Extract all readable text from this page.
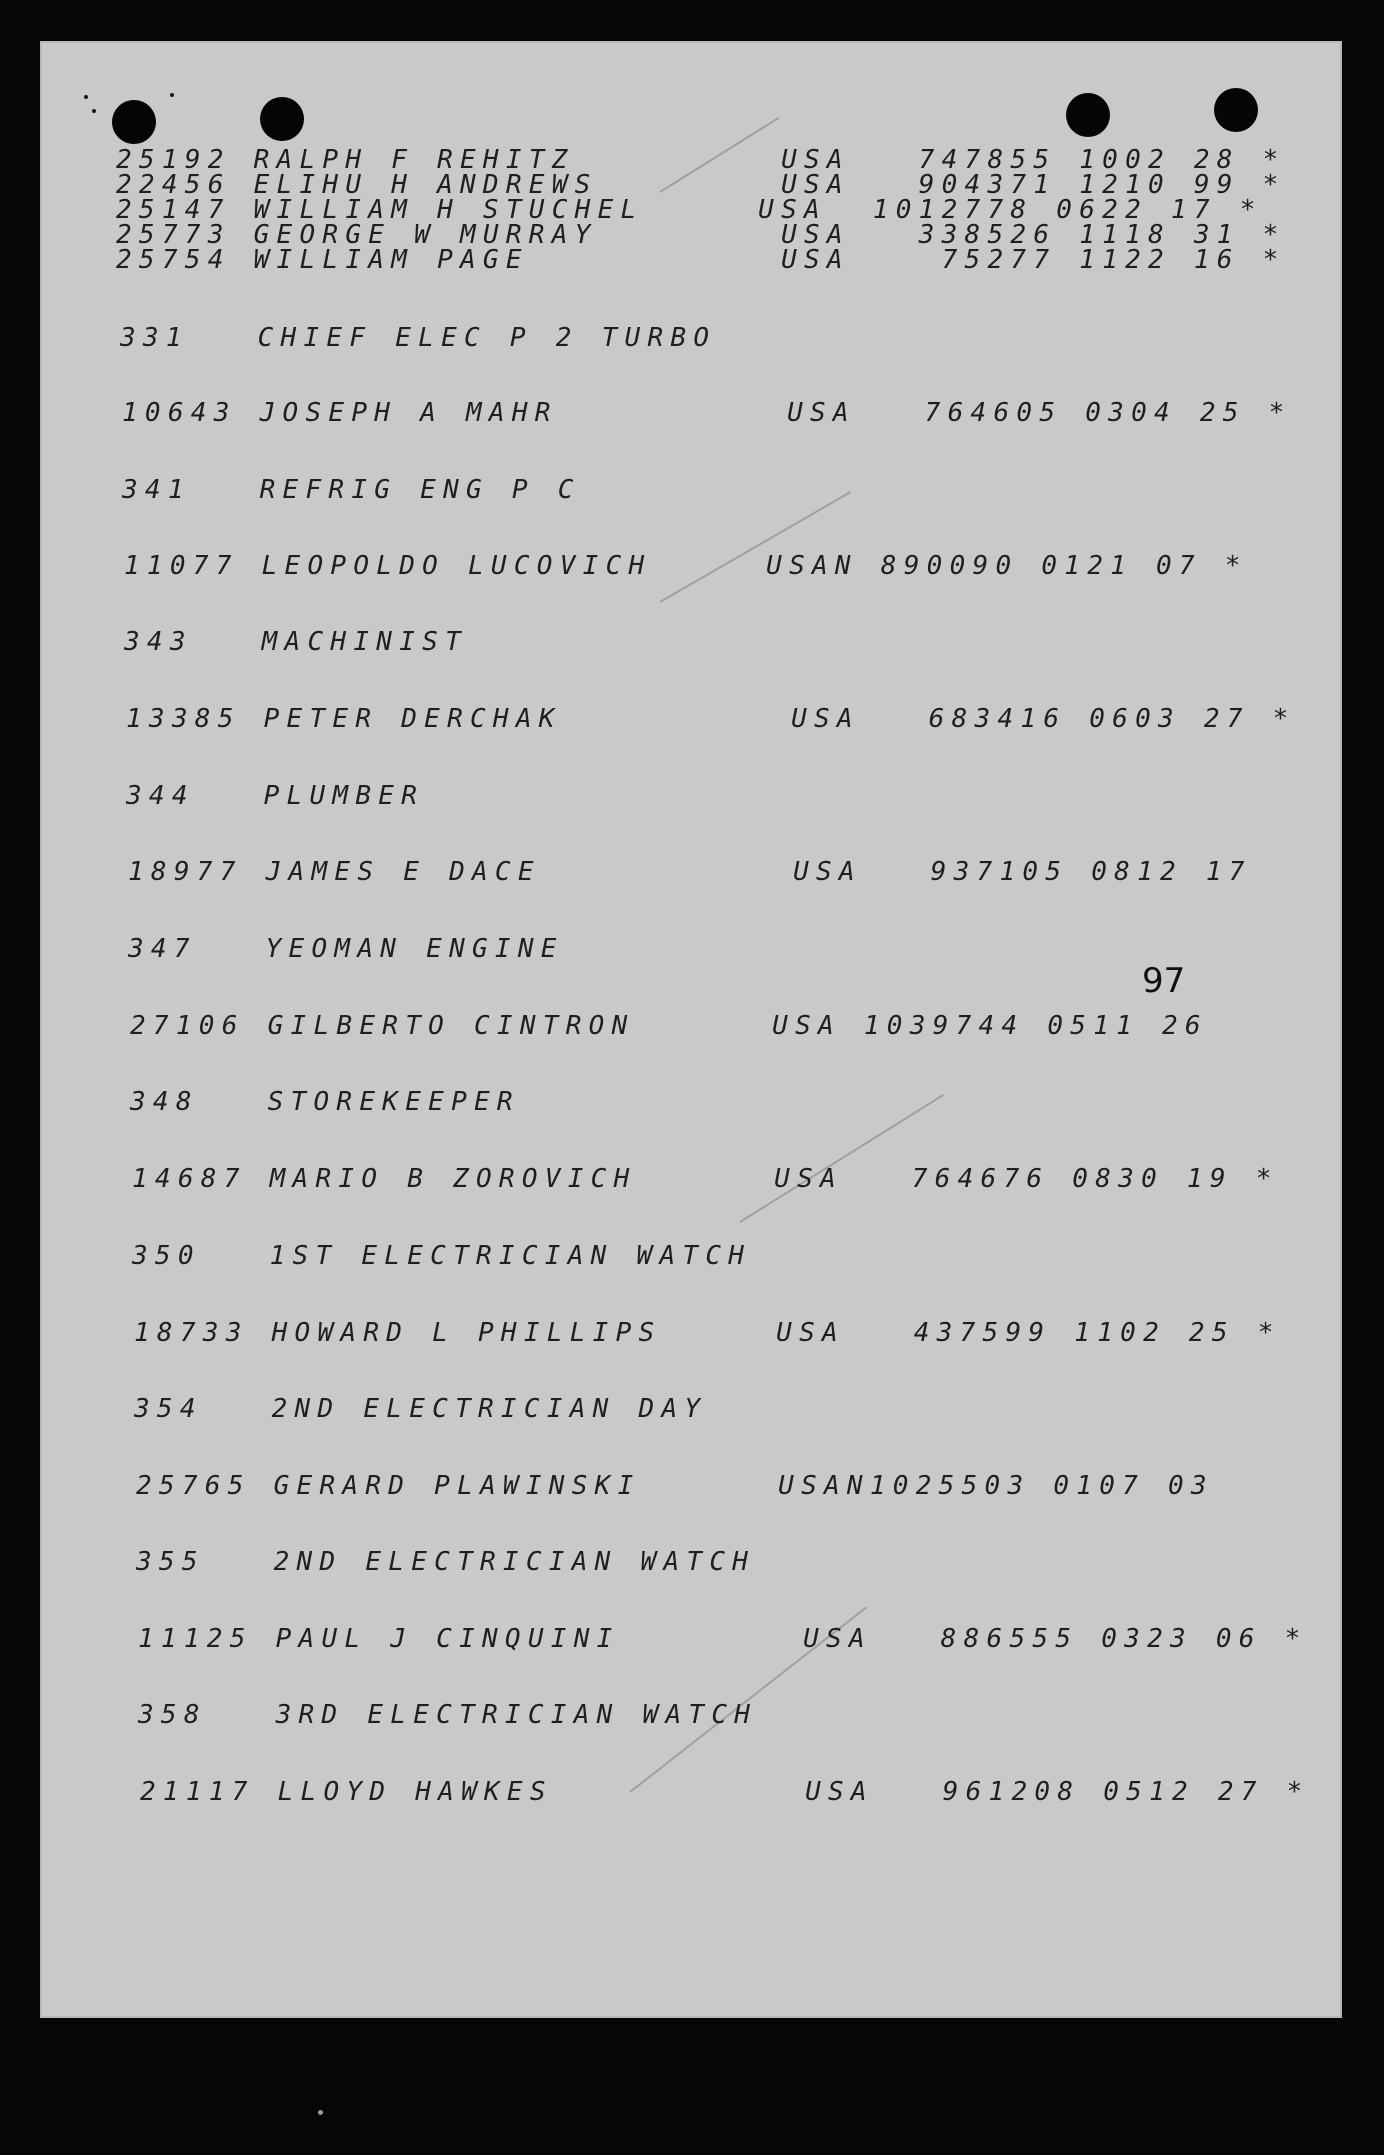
25192 RALPH F REHITZ         USA   747855 1002 28 *
22456 ELIHU H ANDREWS        USA   904371 1210 99 *
25147 WILLIAM H STUCHEL     USA  1012778 0622 17 *
25773 GEORGE W MURRAY        USA   338526 1118 31 *
25754 WILLIAM PAGE           USA    75277 1122 16 *
331   CHIEF ELEC P 2 TURBO
10643 JOSEPH A MAHR          USA   764605 0304 25 *
341   REFRIG ENG P C
11077 LEOPOLDO LUCOVICH     USAN 890090 0121 07 *
343   MACHINIST
13385 PETER DERCHAK          USA   683416 0603 27 *
344   PLUMBER
18977 JAMES E DACE           USA   937105 0812 17
347   YEOMAN ENGINE
27106 GILBERTO CINTRON      USA 1039744 0511 26
348   STOREKEEPER
14687 MARIO B ZOROVICH      USA   764676 0830 19 *
350   1ST ELECTRICIAN WATCH
18733 HOWARD L PHILLIPS     USA   437599 1102 25 *
354   2ND ELECTRICIAN DAY
25765 GERARD PLAWINSKI      USAN1025503 0107 03
355   2ND ELECTRICIAN WATCH
11125 PAUL J CINQUINI        USA   886555 0323 06 *
358   3RD ELECTRICIAN WATCH
21117 LLOYD HAWKES           USA   961208 0512 27 *
97
